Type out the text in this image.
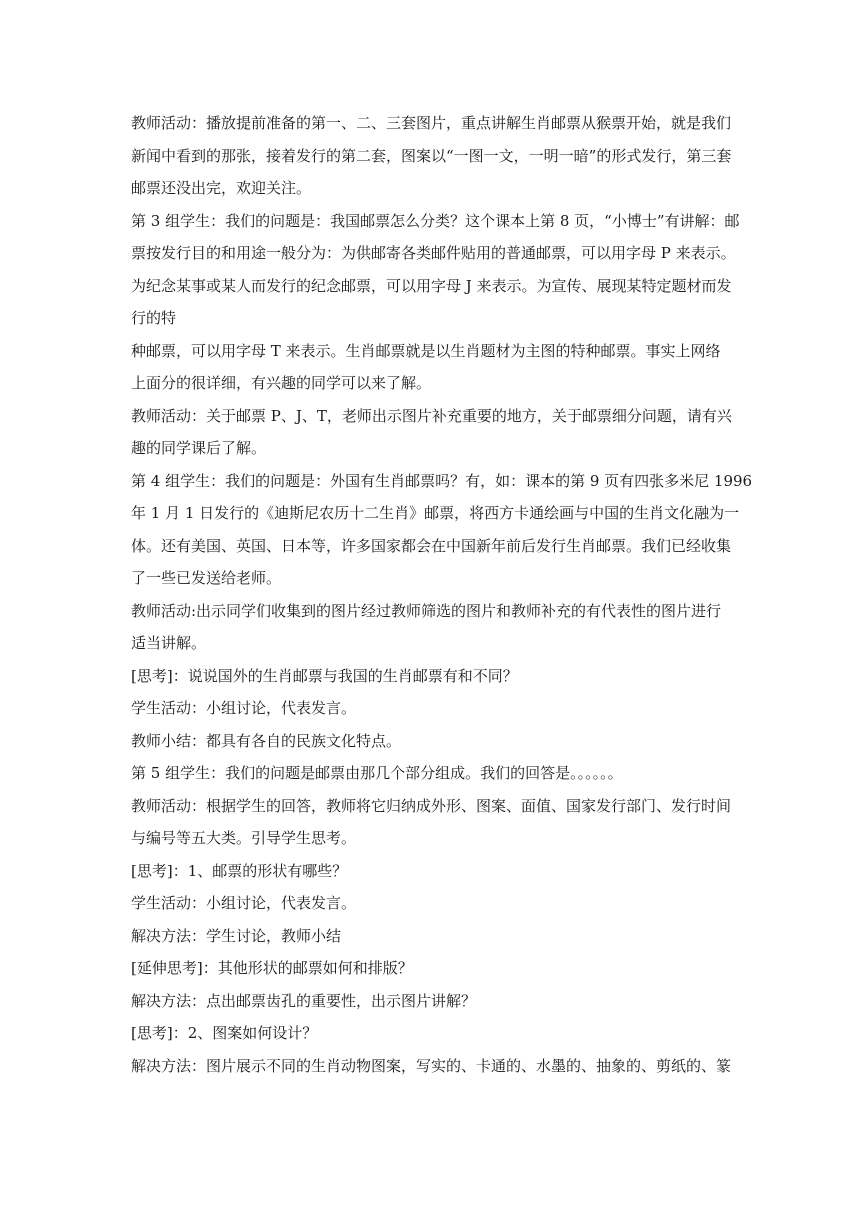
教师活动：播放提前准备的第一、二、三套图片，重点讲解生肖邮票从猴票开始，就是我们
新闻中看到的那张，接着发行的第二套，图案以“一图一文，一明一暗”的形式发行，第三套
邮票还没出完，欢迎关注。

第 3 组学生：我们的问题是：我国邮票怎么分类？这个课本上第 8 页，“小博士”有讲解：邮
票按发行目的和用途一般分为：为供邮寄各类邮件贴用的普通邮票，可以用字母 P 来表示。
为纪念某事或某人而发行的纪念邮票，可以用字母 J 来表示。为宣传、展现某特定题材而发
行的特

种邮票，可以用字母 T 来表示。生肖邮票就是以生肖题材为主图的特种邮票。事实上网络
上面分的很详细，有兴趣的同学可以来了解。

教师活动：关于邮票 P、J、T，老师出示图片补充重要的地方，关于邮票细分问题，请有兴
趣的同学课后了解。

第 4 组学生：我们的问题是：外国有生肖邮票吗？有，如：课本的第 9 页有四张多米尼 1996
年 1 月 1 日发行的《迪斯尼农历十二生肖》邮票，将西方卡通绘画与中国的生肖文化融为一
体。还有美国、英国、日本等，许多国家都会在中国新年前后发行生肖邮票。我们已经收集
了一些已发送给老师。

教师活动:出示同学们收集到的图片经过教师筛选的图片和教师补充的有代表性的图片进行
适当讲解。

[思考]：说说国外的生肖邮票与我国的生肖邮票有和不同？

学生活动：小组讨论，代表发言。

教师小结：都具有各自的民族文化特点。

第 5 组学生：我们的问题是邮票由那几个部分组成。我们的回答是。。。。。。

教师活动：根据学生的回答，教师将它归纳成外形、图案、面值、国家发行部门、发行时间
与编号等五大类。引导学生思考。

[思考]：1、邮票的形状有哪些？

学生活动：小组讨论，代表发言。

解决方法：学生讨论，教师小结

[延伸思考]：其他形状的邮票如何和排版？

解决方法：点出邮票齿孔的重要性，出示图片讲解？

[思考]：2、图案如何设计？

解决方法：图片展示不同的生肖动物图案，写实的、卡通的、水墨的、抽象的、剪纸的、篆
